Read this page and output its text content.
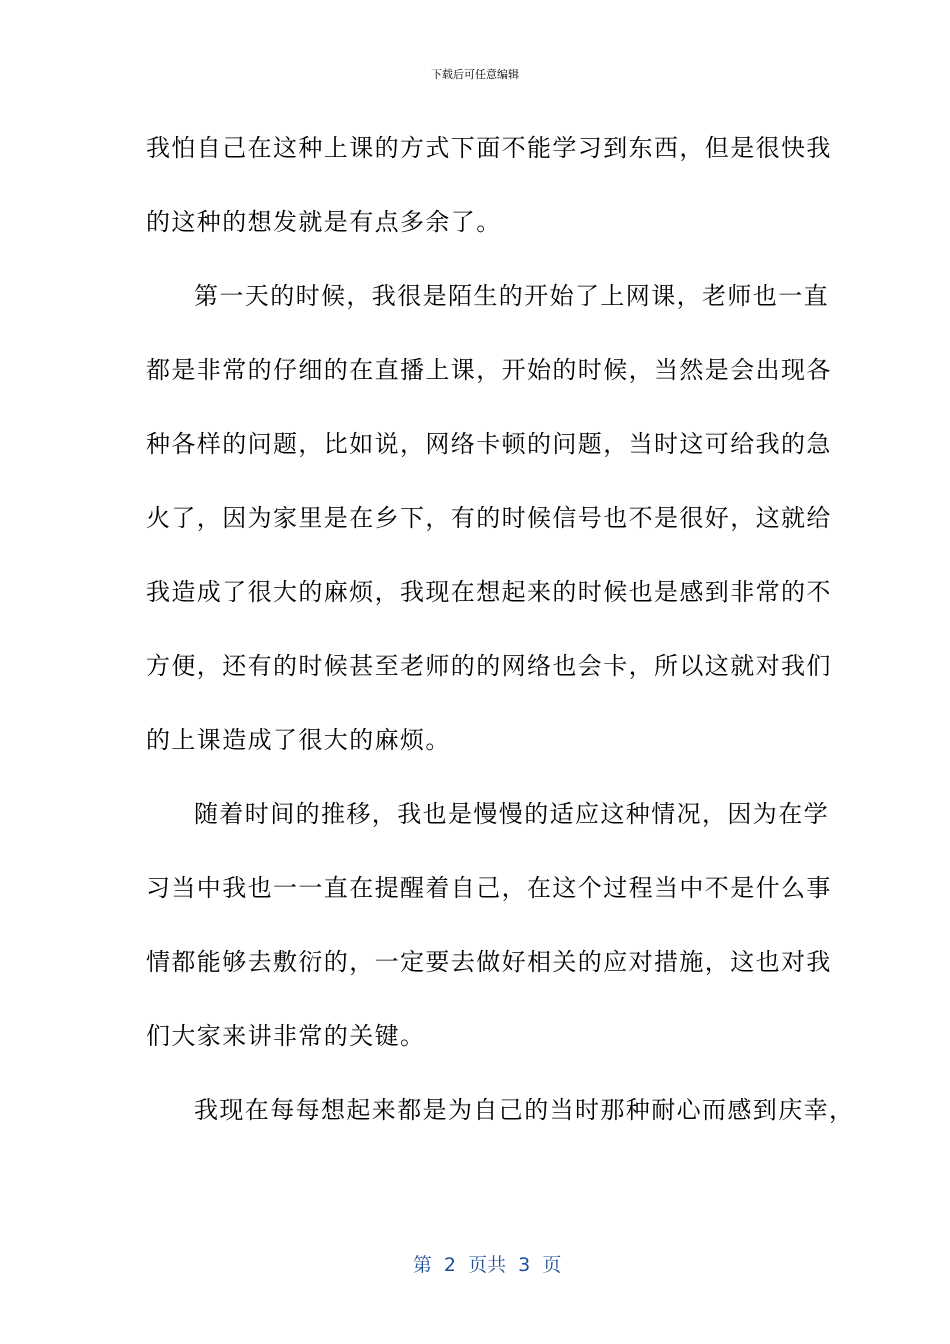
下载后可任意编辑
我怕自己在这种上课的方式下面不能学习到东西，但是很快我
的这种的想发就是有点多余了。
第一天的时候，我很是陌生的开始了上网课，老师也一直
都是非常的仔细的在直播上课，开始的时候，当然是会出现各
种各样的问题，比如说，网络卡顿的问题，当时这可给我的急
火了，因为家里是在乡下，有的时候信号也不是很好，这就给
我造成了很大的麻烦，我现在想起来的时候也是感到非常的不
方便，还有的时候甚至老师的的网络也会卡，所以这就对我们
的上课造成了很大的麻烦。
随着时间的推移，我也是慢慢的适应这种情况，因为在学
习当中我也一一直在提醒着自己，在这个过程当中不是什么事
情都能够去敷衍的，一定要去做好相关的应对措施，这也对我
们大家来讲非常的关键。
我现在每每想起来都是为自己的当时那种耐心而感到庆幸，

第  2  页共  3  页
